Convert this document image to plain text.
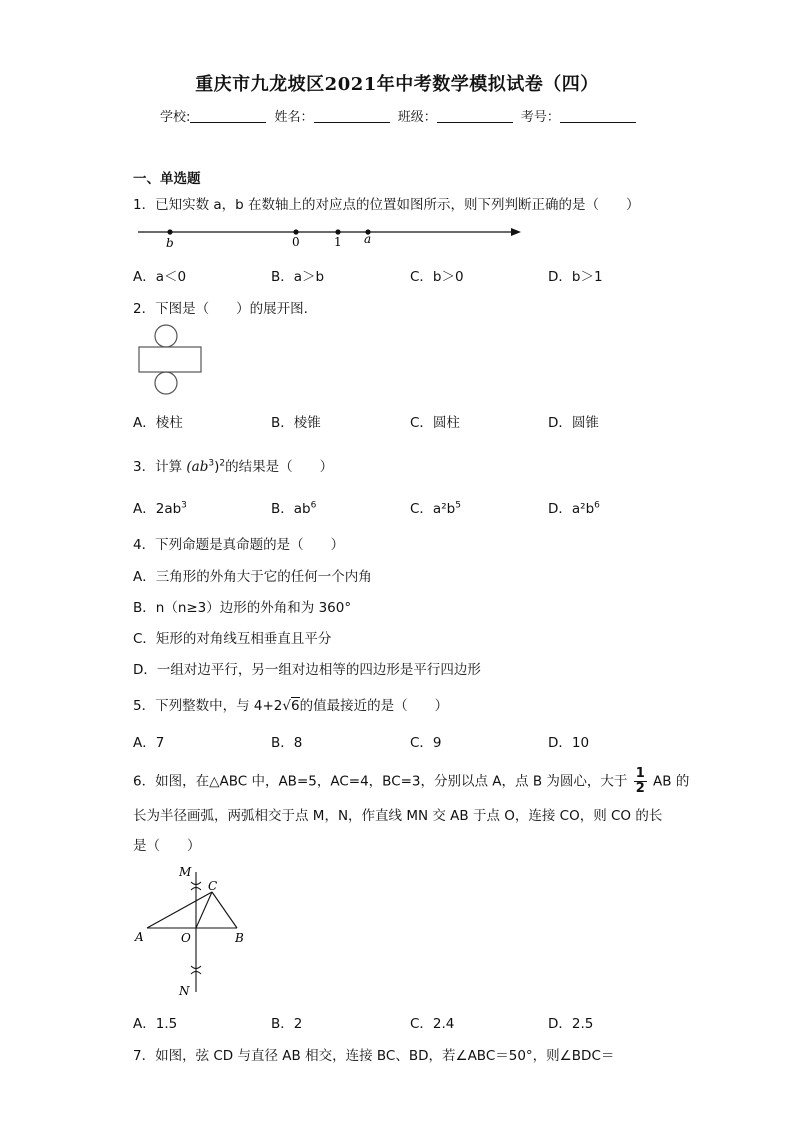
重庆市九龙坡区2021年中考数学模拟试卷（四）
学校:	姓名：	班级：	考号：
一、单选题
1．已知实数 a，b 在数轴上的对应点的位置如图所示，则下列判断正确的是（　　）
b	0	1 a
A．a＜0	B．a＞b	C．b＞0	D．b＞1
2．下图是（　　）的展开图.
A．棱柱	B．棱锥	C．圆柱	D．圆锥
3．计算 $(ab^3)^2$的结果是（　　）
A．$2ab^3$	B．$ab^6$	C．$a^2b^5$	D．$a^2b^6$
4．下列命题是真命题的是（　　）
A．三角形的外角大于它的任何一个内角
B．n（n≥3）边形的外角和为 360°
C．矩形的对角线互相垂直且平分
D．一组对边平行，另一组对边相等的四边形是平行四边形
5．下列整数中，与 4+2√6的值最接近的是（　　）
A．7	B．8	C．9	D．10
6．如图，在△ABC 中，AB=5，AC=4，BC=3，分别以点 A，点 B 为圆心，大于 $\frac{1}{2}$ AB 的
长为半径画弧，两弧相交于点 M，N，作直线 MN 交 AB 于点 O，连接 CO，则 CO 的长
是（　　）
M
C
A	O	B
N
A．1.5	B．2	C．2.4	D．2.5
7．如图，弦 CD 与直径 AB 相交，连接 BC、BD，若∠ABC＝50°，则∠BDC＝
